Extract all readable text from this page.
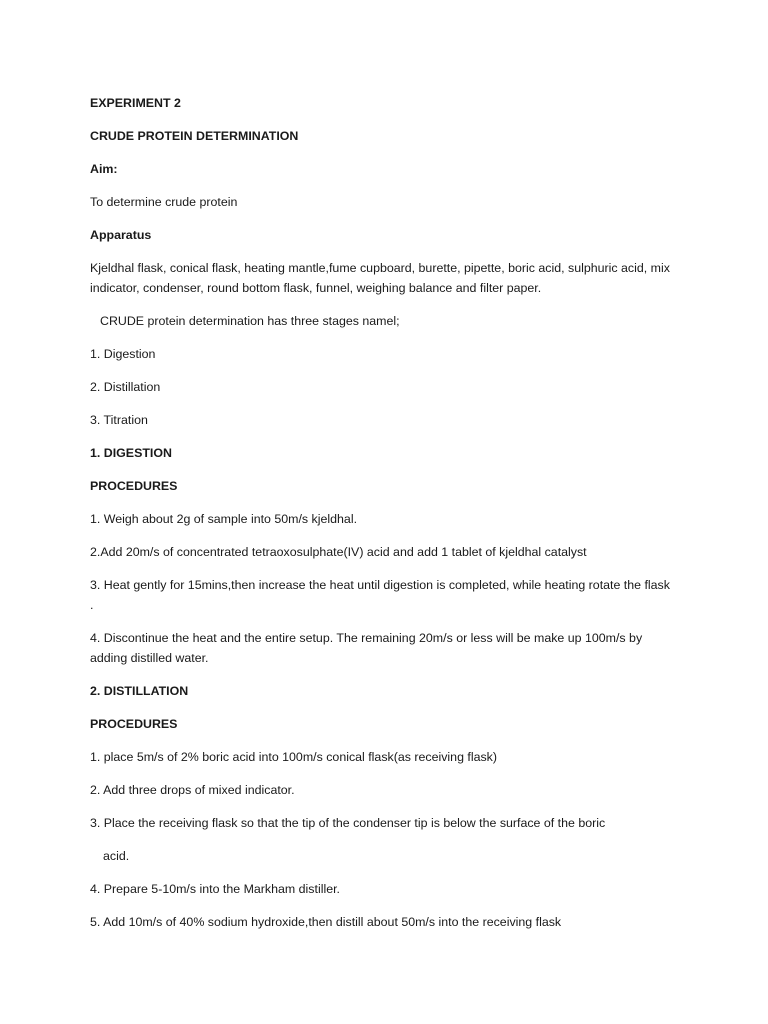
EXPERIMENT 2

CRUDE PROTEIN DETERMINATION

Aim:

To determine crude protein

Apparatus

Kjeldhal flask, conical flask, heating mantle,fume cupboard, burette, pipette, boric acid, sulphuric acid, mix indicator, condenser, round bottom flask, funnel, weighing balance and filter paper.

CRUDE protein determination has three stages namel;

1. Digestion

2. Distillation

3. Titration

1. DIGESTION

PROCEDURES

1. Weigh about 2g of sample into 50m/s kjeldhal.

2.Add 20m/s of concentrated tetraoxosulphate(IV) acid and add 1 tablet of kjeldhal catalyst

3. Heat gently for 15mins,then increase the heat until digestion is completed, while heating rotate the flask .

4. Discontinue the heat and the entire setup. The remaining 20m/s or less will be make up 100m/s by adding distilled water.

2. DISTILLATION

PROCEDURES

1. place 5m/s of 2% boric acid into 100m/s conical flask(as receiving flask)

2. Add three drops of mixed indicator.

3. Place the receiving flask so that the tip of the condenser tip is below the surface of the boric

acid.

4. Prepare 5-10m/s into the Markham distiller.

5. Add 10m/s of 40% sodium hydroxide,then distill about 50m/s into the receiving flask
